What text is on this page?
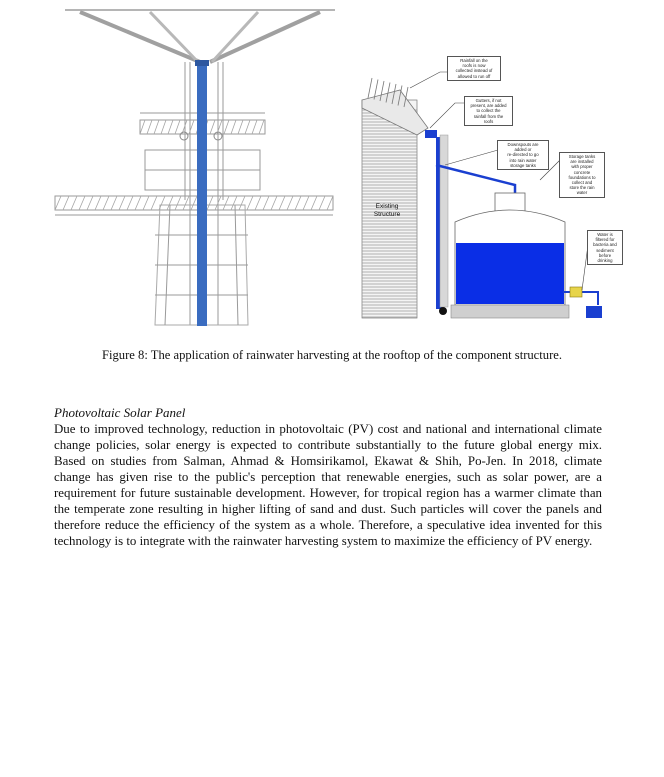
Rainfall on the
roofs is now
collected instead of
allowed to run off
Gutters, if not
present, are added
to collect the
rainfall from the
roofs
Downspouts are
added or
re-directed to go
into rain water
storage tanks
Storage tanks
are installed
with proper
concrete
foundations to
collect and
store the rain
water
Water is
filtered for
bacteria and
sediment
before
drinking
Existing
Structure
Figure 8: The application of rainwater harvesting at the rooftop of the component structure.
Photovoltaic Solar Panel
Due to improved technology, reduction in photovoltaic (PV) cost and national and international climate change policies, solar energy is expected to contribute substantially to the future global energy mix. Based on studies from Salman, Ahmad & Homsirikamol, Ekawat & Shih, Po-Jen. In 2018, climate change has given rise to the public's perception that renewable energies, such as solar power, are a requirement for future sustainable development. However, for tropical region has a warmer climate than the temperate zone resulting in higher lifting of sand and dust. Such particles will cover the panels and therefore reduce the efficiency of the system as a whole. Therefore, a speculative idea invented for this technology is to integrate with the rainwater harvesting system to maximize the efficiency of PV energy.
